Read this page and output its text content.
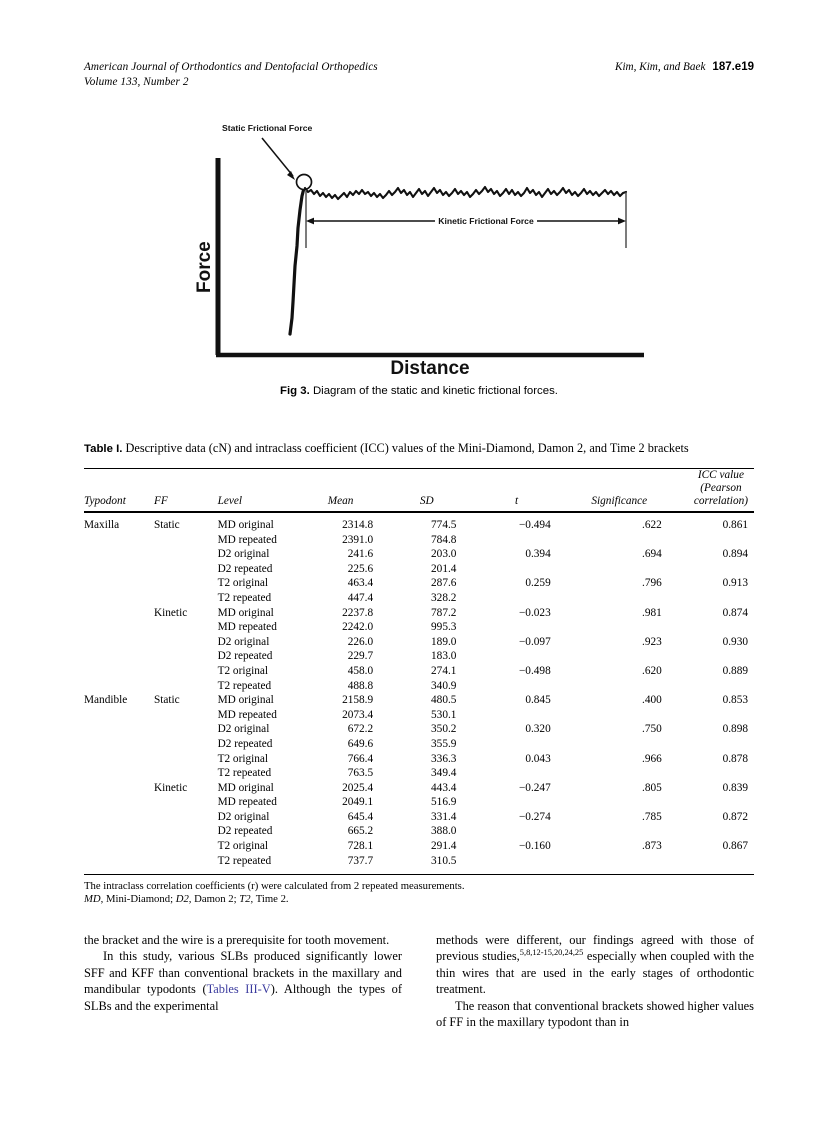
American Journal of Orthodontics and Dentofacial Orthopedics
Volume 133, Number 2
Kim, Kim, and Baek 187.e19
Static Frictional Force
Kinetic Frictional Force
Force
Distance
Fig 3. Diagram of the static and kinetic frictional forces.
Table I. Descriptive data (cN) and intraclass coefficient (ICC) values of the Mini-Diamond, Damon 2, and Time 2 brackets
Typodont	FF	Level	Mean	SD	t	Significance	ICC value
(Pearson correlation)
Maxilla	Static	MD original	2314.8	774.5	−0.494	.622	0.861
		MD repeated	2391.0	784.8			
		D2 original	241.6	203.0	0.394	.694	0.894
		D2 repeated	225.6	201.4			
		T2 original	463.4	287.6	0.259	.796	0.913
		T2 repeated	447.4	328.2			
	Kinetic	MD original	2237.8	787.2	−0.023	.981	0.874
		MD repeated	2242.0	995.3			
		D2 original	226.0	189.0	−0.097	.923	0.930
		D2 repeated	229.7	183.0			
		T2 original	458.0	274.1	−0.498	.620	0.889
		T2 repeated	488.8	340.9			
Mandible	Static	MD original	2158.9	480.5	0.845	.400	0.853
		MD repeated	2073.4	530.1			
		D2 original	672.2	350.2	0.320	.750	0.898
		D2 repeated	649.6	355.9			
		T2 original	766.4	336.3	0.043	.966	0.878
		T2 repeated	763.5	349.4			
	Kinetic	MD original	2025.4	443.4	−0.247	.805	0.839
		MD repeated	2049.1	516.9			
		D2 original	645.4	331.4	−0.274	.785	0.872
		D2 repeated	665.2	388.0			
		T2 original	728.1	291.4	−0.160	.873	0.867
		T2 repeated	737.7	310.5			
The intraclass correlation coefficients (r) were calculated from 2 repeated measurements.
MD, Mini-Diamond; D2, Damon 2; T2, Time 2.

the bracket and the wire is a prerequisite for tooth movement.

In this study, various SLBs produced significantly lower SFF and KFF than conventional brackets in the maxillary and mandibular typodonts (Tables III-V). Although the types of SLBs and the experimental

methods were different, our findings agreed with those of previous studies,$^{5,8,12-15,20,24,25}$ especially when coupled with the thin wires that are used in the early stages of orthodontic treatment.

The reason that conventional brackets showed higher values of FF in the maxillary typodont than in
